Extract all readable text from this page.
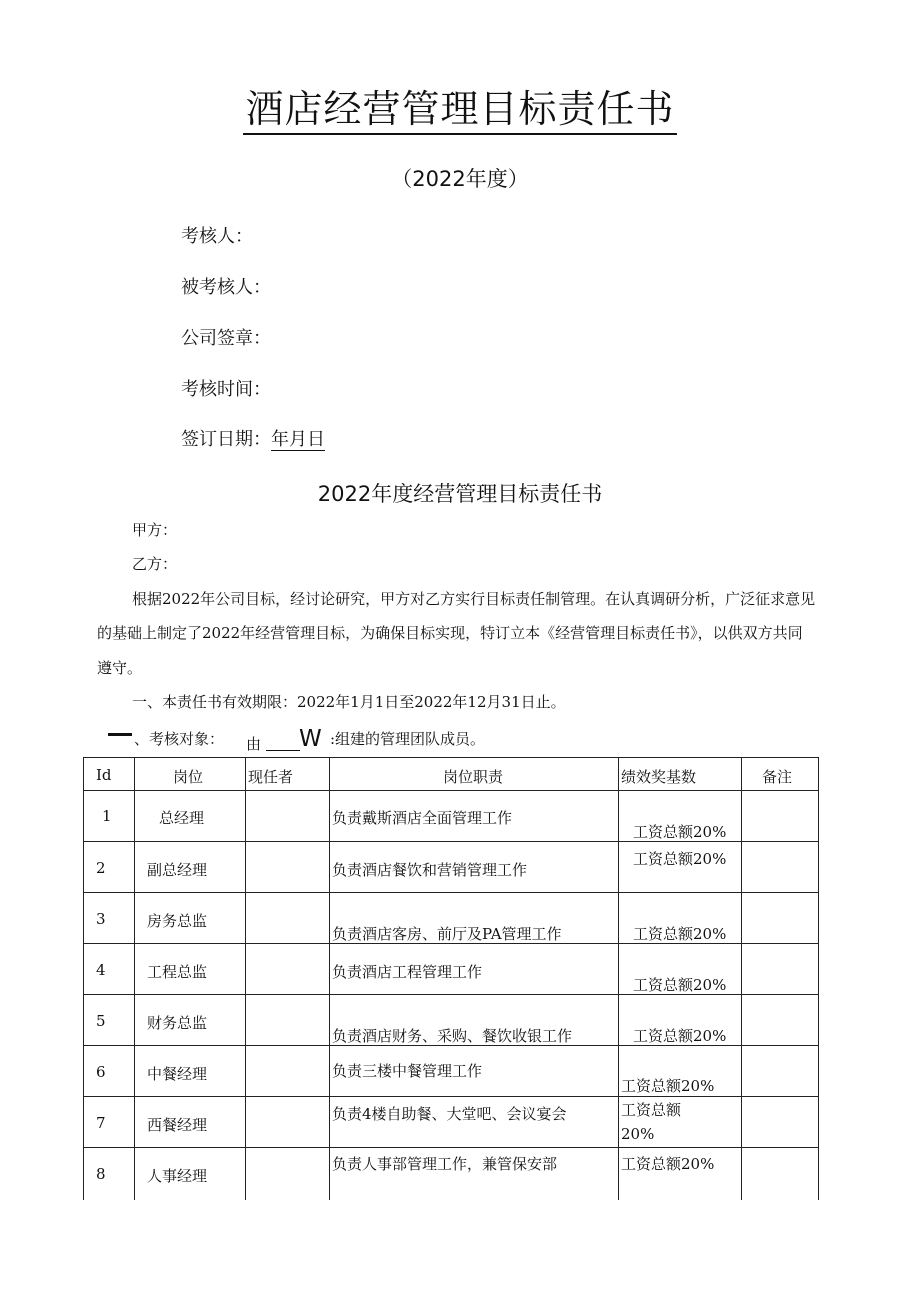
酒店经营管理目标责任书
（2022年度）
考核人：
被考核人：
公司签章：
考核时间：
签订日期：年月日
2022年度经营管理目标责任书
甲方：
乙方：
根据2022年公司目标，经讨论研究，甲方对乙方实行目标责任制管理。在认真调研分析，广泛征求意见
的基础上制定了2022年经营管理目标，为确保目标实现，特订立本《经营管理目标责任书》，以供双方共同
遵守。
一、本责任书有效期限：2022年1月1日至2022年12月31日止。
、考核对象： 由 W :组建的管理团队成员。
Id	岗位	现任者	岗位职责	绩效奖基数	备注

1	总经理		负责戴斯酒店全面管理工作	工资总额20%	

2	副总经理		负责酒店餐饮和营销管理工作	工资总额20%	

3	房务总监		负责酒店客房、前厅及PA管理工作	工资总额20%	

4	工程总监		负责酒店工程管理工作	工资总额20%	

5	财务总监		负责酒店财务、采购、餐饮收银工作	工资总额20%	

6	中餐经理		负责三楼中餐管理工作	工资总额20%	

7	西餐经理		负责4楼自助餐、大堂吧、会议宴会	工资总额
20%	

8	人事经理		负责人事部管理工作，兼管保安部	工资总额20%	
